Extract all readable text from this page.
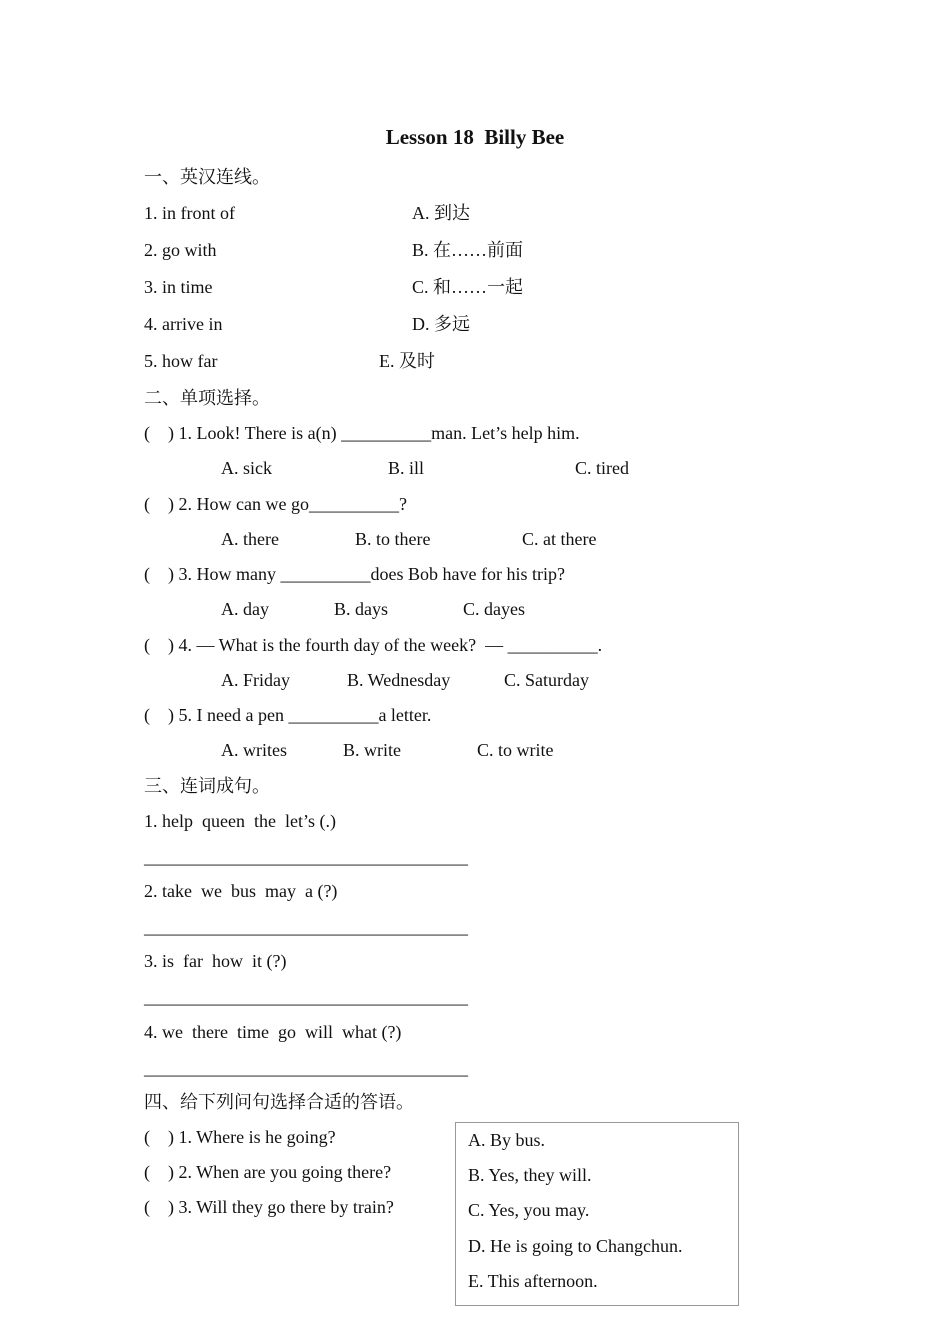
Lesson 18  Billy Bee
一、英汉连线。
1. in front of
2. go with
3. in time
4. arrive in
5. how far
A. 到达
B. 在……前面
C. 和……一起
D. 多远
E. 及时
二、单项选择。
(    ) 1. Look! There is a(n) __________man. Let’s help him.
A. sick	B. ill	C. tired
(    ) 2. How can we go__________?
A. there	B. to there	C. at there
(    ) 3. How many __________does Bob have for his trip?
A. day	B. days	C. dayes
(    ) 4. — What is the fourth day of the week?  — __________.
A. Friday	B. Wednesday	C. Saturday
(    ) 5. I need a pen __________a letter.
A. writes	B. write	C. to write
三、连词成句。
1. help  queen  the  let’s (.)
____________________________________
2. take  we  bus  may  a (?)
____________________________________
3. is  far  how  it (?)
____________________________________
4. we  there  time  go  will  what (?)
____________________________________
四、给下列问句选择合适的答语。
(    ) 1. Where is he going?
(    ) 2. When are you going there?
(    ) 3. Will they go there by train?
A. By bus.
B. Yes, they will.
C. Yes, you may.
D. He is going to Changchun.
E. This afternoon.
